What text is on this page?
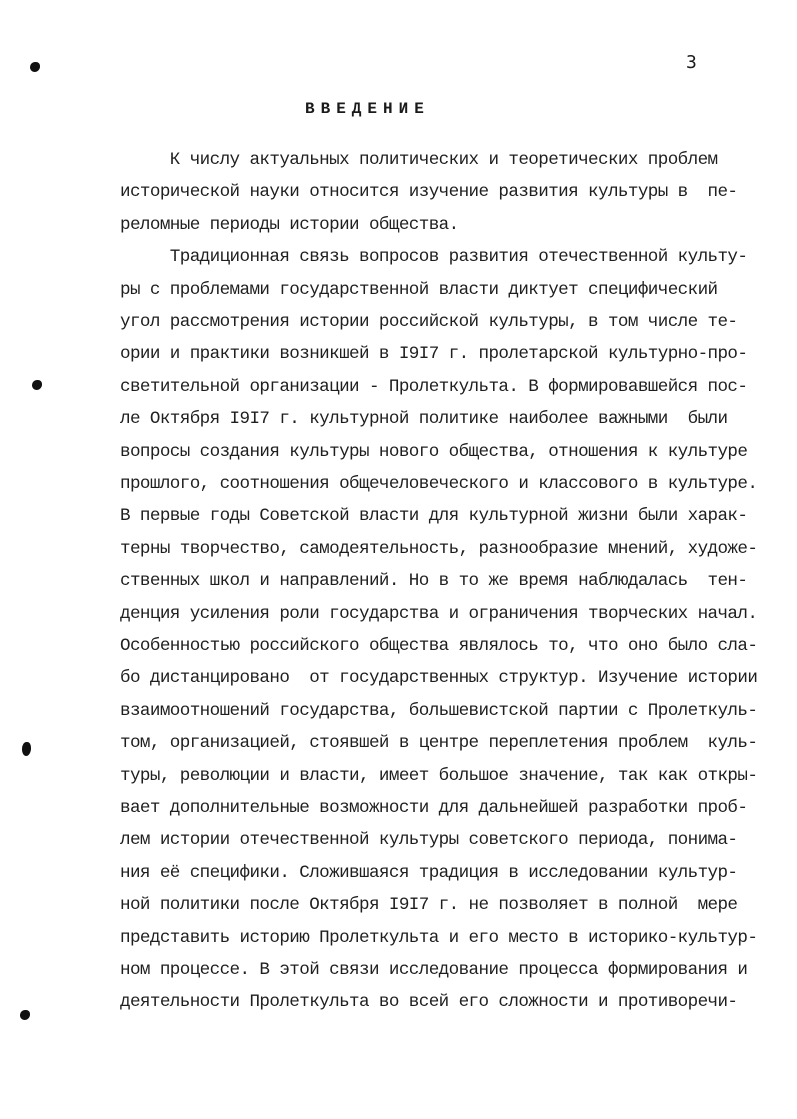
3
ВВЕДЕНИЕ
К числу актуальных политических и теоретических проблем
исторической науки относится изучение развития культуры в  пе-
реломные периоды истории общества.
Традиционная связь вопросов развития отечественной культу-
ры с проблемами государственной власти диктует специфический
угол рассмотрения истории российской культуры, в том числе те-
ории и практики возникшей в I9I7 г. пролетарской культурно-про-
светительной организации - Пролеткульта. В формировавшейся пос-
ле Октября I9I7 г. культурной политике наиболее важными  были
вопросы создания культуры нового общества, отношения к культуре
прошлого, соотношения общечеловеческого и классового в культуре.
В первые годы Советской власти для культурной жизни были харак-
терны творчество, самодеятельность, разнообразие мнений, художе-
ственных школ и направлений. Но в то же время наблюдалась  тен-
денция усиления роли государства и ограничения творческих начал.
Особенностью российского общества являлось то, что оно было сла-
бо дистанцировано  от государственных структур. Изучение истории
взаимоотношений государства, большевистской партии с Пролеткуль-
том, организацией, стоявшей в центре переплетения проблем  куль-
туры, революции и власти, имеет большое значение, так как откры-
вает дополнительные возможности для дальнейшей разработки проб-
лем истории отечественной культуры советского периода, понима-
ния её специфики. Сложившаяся традиция в исследовании культур-
ной политики после Октября I9I7 г. не позволяет в полной  мере
представить историю Пролеткульта и его место в историко-культур-
ном процессе. В этой связи исследование процесса формирования и
деятельности Пролеткульта во всей его сложности и противоречи-
